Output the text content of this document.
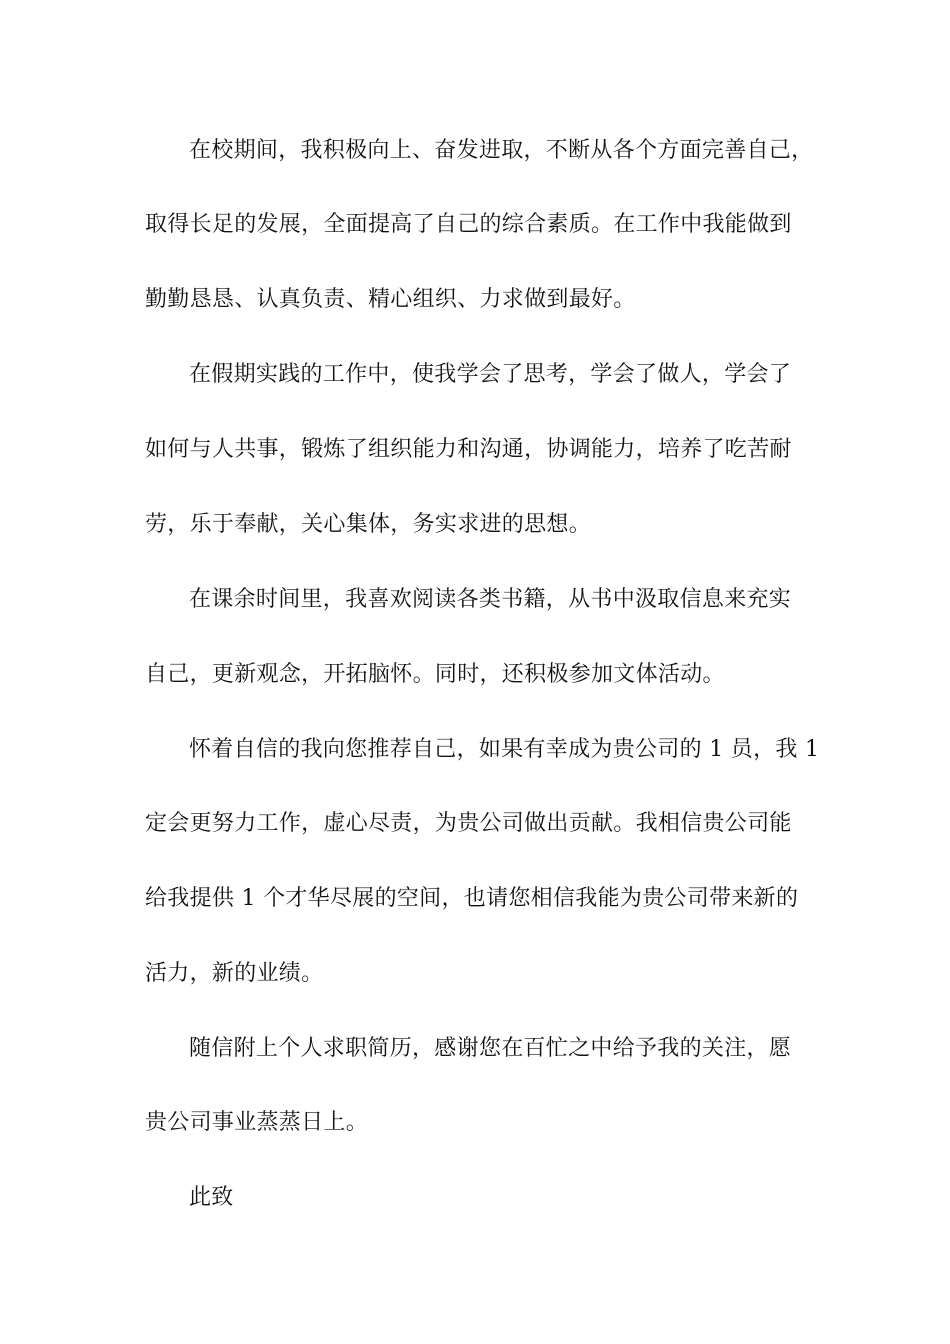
在校期间，我积极向上、奋发进取，不断从各个方面完善自己，
取得长足的发展，全面提高了自己的综合素质。在工作中我能做到
勤勤恳恳、认真负责、精心组织、力求做到最好。
在假期实践的工作中，使我学会了思考，学会了做人，学会了
如何与人共事，锻炼了组织能力和沟通，协调能力，培养了吃苦耐
劳，乐于奉献，关心集体，务实求进的思想。
在课余时间里，我喜欢阅读各类书籍，从书中汲取信息来充实
自己，更新观念，开拓脑怀。同时，还积极参加文体活动。
怀着自信的我向您推荐自己，如果有幸成为贵公司的 1 员，我 1
定会更努力工作，虚心尽责，为贵公司做出贡献。我相信贵公司能
给我提供 1 个才华尽展的空间，也请您相信我能为贵公司带来新的
活力，新的业绩。
随信附上个人求职简历，感谢您在百忙之中给予我的关注，愿
贵公司事业蒸蒸日上。
此致
